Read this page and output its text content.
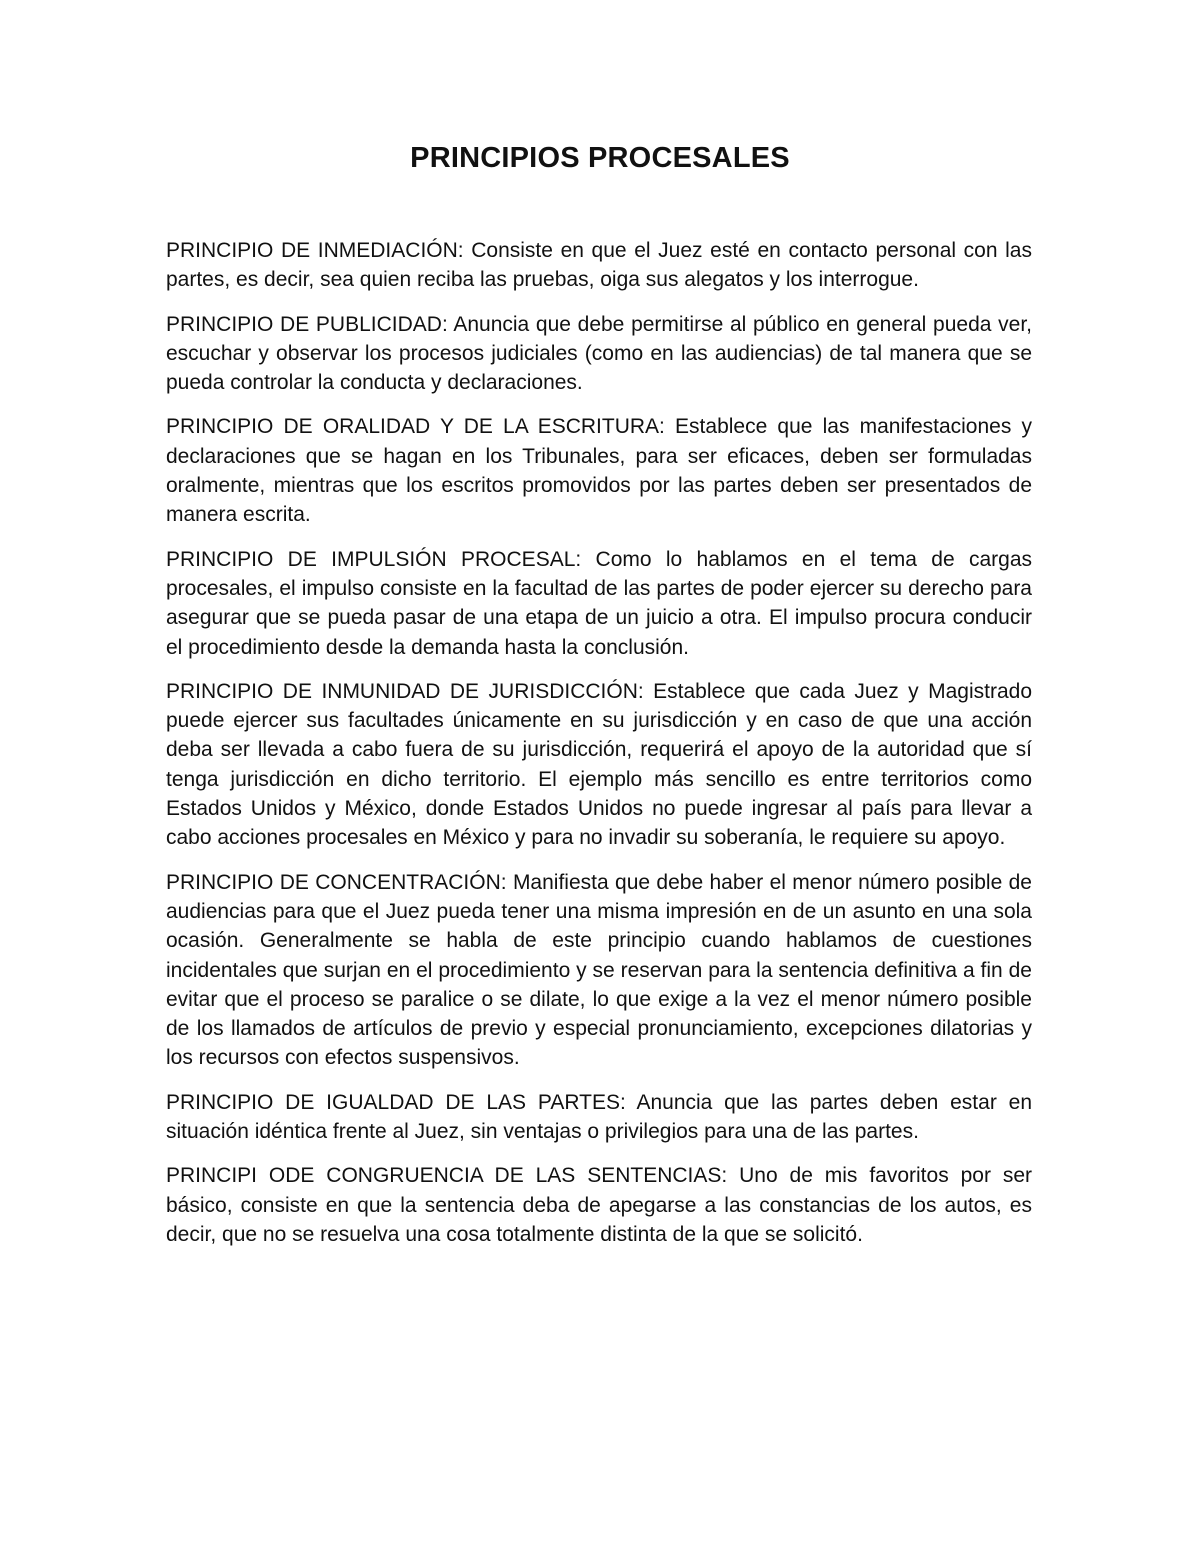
PRINCIPIOS PROCESALES

PRINCIPIO DE INMEDIACIÓN: Consiste en que el Juez esté en contacto personal con las partes, es decir, sea quien reciba las pruebas, oiga sus alegatos y los interrogue.

PRINCIPIO DE PUBLICIDAD: Anuncia que debe permitirse al público en general pueda ver, escuchar y observar los procesos judiciales (como en las audiencias) de tal manera que se pueda controlar la conducta y declaraciones.

PRINCIPIO DE ORALIDAD Y DE LA ESCRITURA: Establece que las manifestaciones y declaraciones que se hagan en los Tribunales, para ser eficaces, deben ser formuladas oralmente, mientras que los escritos promovidos por las partes deben ser presentados de manera escrita.

PRINCIPIO DE IMPULSIÓN PROCESAL: Como lo hablamos en el tema de cargas procesales, el impulso consiste en la facultad de las partes de poder ejercer su derecho para asegurar que se pueda pasar de una etapa de un juicio a otra. El impulso procura conducir el procedimiento desde la demanda hasta la conclusión.

PRINCIPIO DE INMUNIDAD DE JURISDICCIÓN: Establece que cada Juez y Magistrado puede ejercer sus facultades únicamente en su jurisdicción y en caso de que una acción deba ser llevada a cabo fuera de su jurisdicción, requerirá el apoyo de la autoridad que sí tenga jurisdicción en dicho territorio. El ejemplo más sencillo es entre territorios como Estados Unidos y México, donde Estados Unidos no puede ingresar al país para llevar a cabo acciones procesales en México y para no invadir su soberanía, le requiere su apoyo.

PRINCIPIO DE CONCENTRACIÓN: Manifiesta que debe haber el menor número posible de audiencias para que el Juez pueda tener una misma impresión en de un asunto en una sola ocasión. Generalmente se habla de este principio cuando hablamos de cuestiones incidentales que surjan en el procedimiento y se reservan para la sentencia definitiva a fin de evitar que el proceso se paralice o se dilate, lo que exige a la vez el menor número posible de los llamados de artículos de previo y especial pronunciamiento, excepciones dilatorias y los recursos con efectos suspensivos.

PRINCIPIO DE IGUALDAD DE LAS PARTES: Anuncia que las partes deben estar en situación idéntica frente al Juez, sin ventajas o privilegios para una de las partes.

PRINCIPI ODE CONGRUENCIA DE LAS SENTENCIAS: Uno de mis favoritos por ser básico, consiste en que la sentencia deba de apegarse a las constancias de los autos, es decir, que no se resuelva una cosa totalmente distinta de la que se solicitó.
